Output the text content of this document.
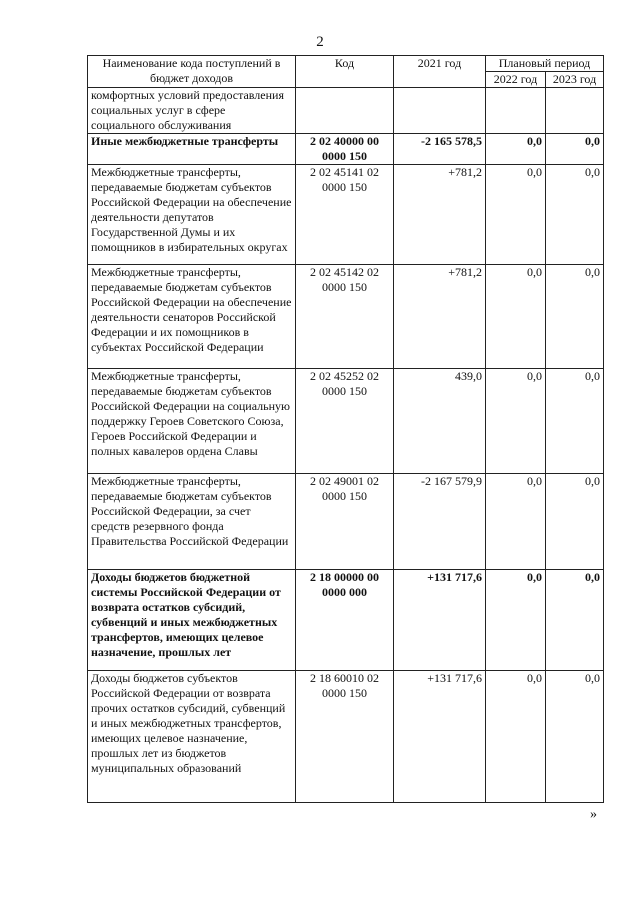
2
Наименование кода поступлений в бюджет доходов	Код	2021 год	Плановый период	
			2022 год	2023 год
комфортных условий предоставления социальных услуг в сфере социального обслуживания				
Иные межбюджетные трансферты	2 02 40000 00 0000 150	-2 165 578,5	0,0	0,0
Межбюджетные трансферты, передаваемые бюджетам субъектов Российской Федерации на обеспечение деятельности депутатов Государственной Думы и их помощников в избирательных округах	2 02 45141 02 0000 150	+781,2	0,0	0,0
Межбюджетные трансферты, передаваемые бюджетам субъектов Российской Федерации на обеспечение деятельности сенаторов Российской Федерации и их помощников в субъектах Российской Федерации	2 02 45142 02 0000 150	+781,2	0,0	0,0
Межбюджетные трансферты, передаваемые бюджетам субъектов Российской Федерации на социальную поддержку Героев Советского Союза, Героев Российской Федерации и полных кавалеров ордена Славы	2 02 45252 02 0000 150	439,0	0,0	0,0
Межбюджетные трансферты, передаваемые бюджетам субъектов Российской Федерации, за счет средств резервного фонда Правительства Российской Федерации	2 02 49001 02 0000 150	-2 167 579,9	0,0	0,0
Доходы бюджетов бюджетной системы Российской Федерации от возврата остатков субсидий, субвенций и иных межбюджетных трансфертов, имеющих целевое назначение, прошлых лет	2 18 00000 00 0000 000	+131 717,6	0,0	0,0
Доходы бюджетов субъектов Российской Федерации от возврата прочих остатков субсидий, субвенций и иных межбюджетных трансфертов, имеющих целевое назначение, прошлых лет из бюджетов муниципальных образований	2 18 60010 02 0000 150	+131 717,6	0,0	0,0
»
